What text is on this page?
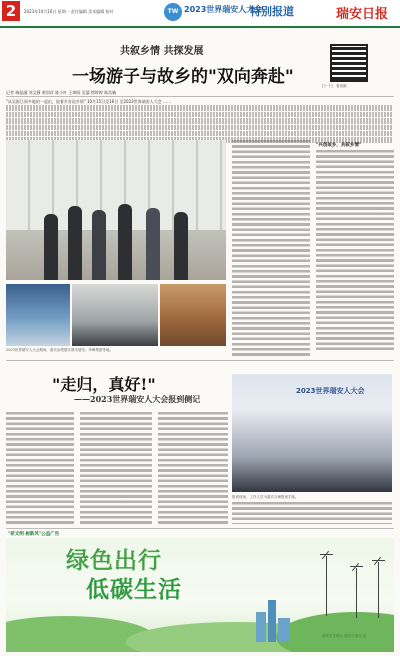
2	2023年10月16日 星期一 责任编辑 美术编辑 校对	TW 2023世界瑞安人大会
特别报道	瑞安日报
共叙乡情 共探发展
一场游子与故乡的"双向奔赴"	扫一扫，看视频
记者 瑞报融 刘文静 黄训祥 陈小叶 王坤阳 吴濡 徐婷婷 陈浩楠
"从吴淞江到多地的一起出，说着乡音说乡情" 10月15日至16日 至2023世界瑞安人大会 ……
2023世界瑞安人大会期间，嘉宾参观瑞安城市展馆、华峰集团等地。
"兴创故乡，共叙乡情"
"走归，真好!"
——2023世界瑞安人大会报到侧记
2023世界瑞安人大会
报到现场，工作人员为嘉宾办理报到手续。
"研文明 树新风"公益广告
绿色出行
低碳生活
瑞安市文明办 瑞安日报社 宣
